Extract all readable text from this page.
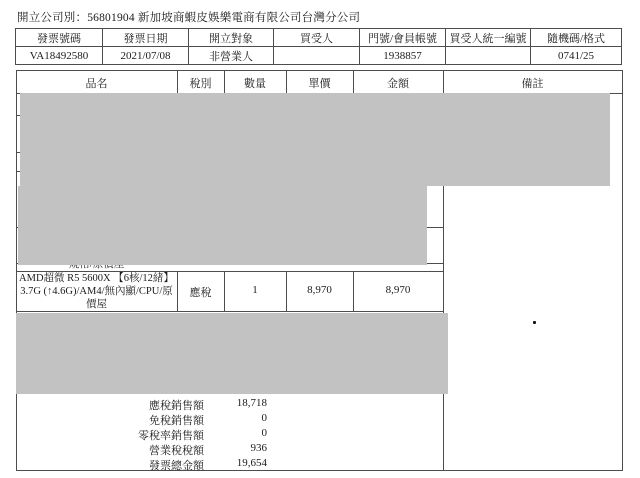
開立公司別：56801904 新加坡商蝦皮娛樂電商有限公司台灣分公司
發票號碼	發票日期	開立對象	買受人	門號/會員帳號	買受人統一編號	隨機碼/格式
VA18492580	2021/07/08	非營業人		1938857		0741/25
品名	稅別	數量	單價	金額	備註
AMD超微 R5 5600X 【6核/12緒】
3.7G (↑4.6G)/AM4/無內顯/CPU/原
價屋
應稅	1	8,970	8,970
應稅銷售額	18,718
免稅銷售額	0
零稅率銷售額	0
營業稅稅額	936
發票總金額	19,654
